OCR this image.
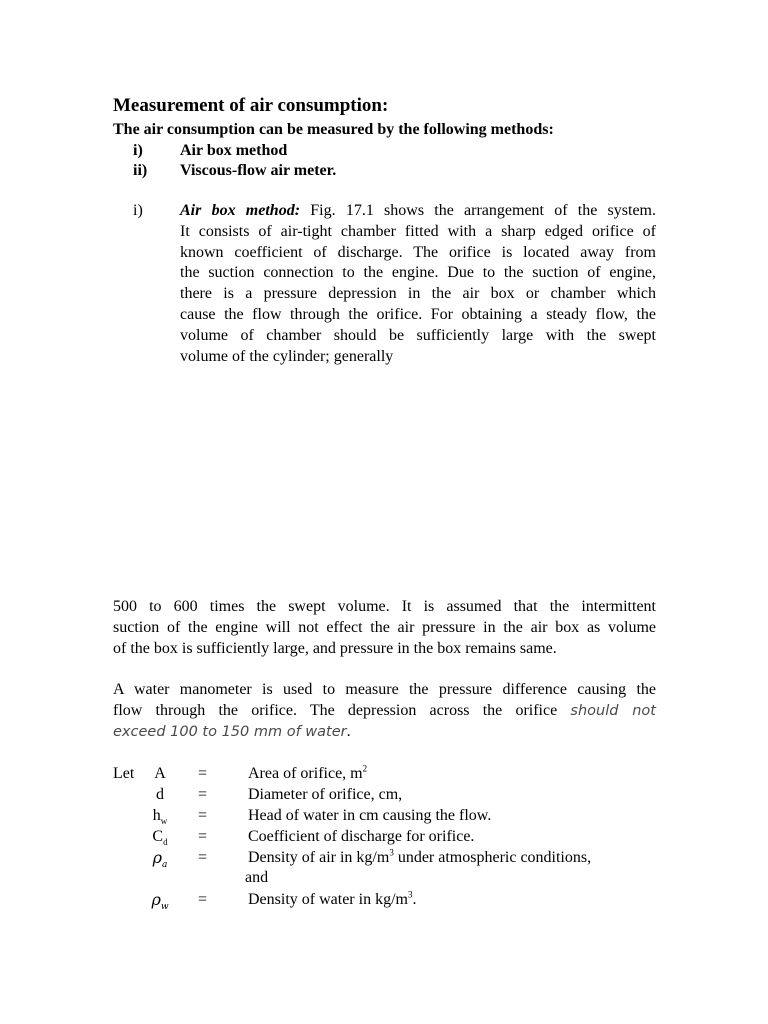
Measurement of air consumption:
The air consumption can be measured by the following methods:
i) Air box method
ii) Viscous-flow air meter.
i) Air box method: Fig. 17.1 shows the arrangement of the system.
It consists of air-tight chamber fitted with a sharp edged orifice of
known coefficient of discharge. The orifice is located away from
the suction connection to the engine. Due to the suction of engine,
there is a pressure depression in the air box or chamber which
cause the flow through the orifice. For obtaining a steady flow, the
volume of chamber should be sufficiently large with the swept
volume of the cylinder; generally
500 to 600 times the swept volume. It is assumed that the intermittent
suction of the engine will not effect the air pressure in the air box as volume
of the box is sufficiently large, and pressure in the box remains same.
A water manometer is used to measure the pressure difference causing the
flow through the orifice. The depression across the orifice should not
exceed 100 to 150 mm of water.
Let	A	=	Area of orifice, $m^2$
d	=	Diameter of orifice, cm,
$h_w$	=	Head of water in cm causing the flow.
$C_d$	=	Coefficient of discharge for orifice.
$\rho_a$	=	Density of air in $kg/m^3$ under atmospheric conditions,
and
$\rho_w$	=	Density of water in $kg/m^3$.
